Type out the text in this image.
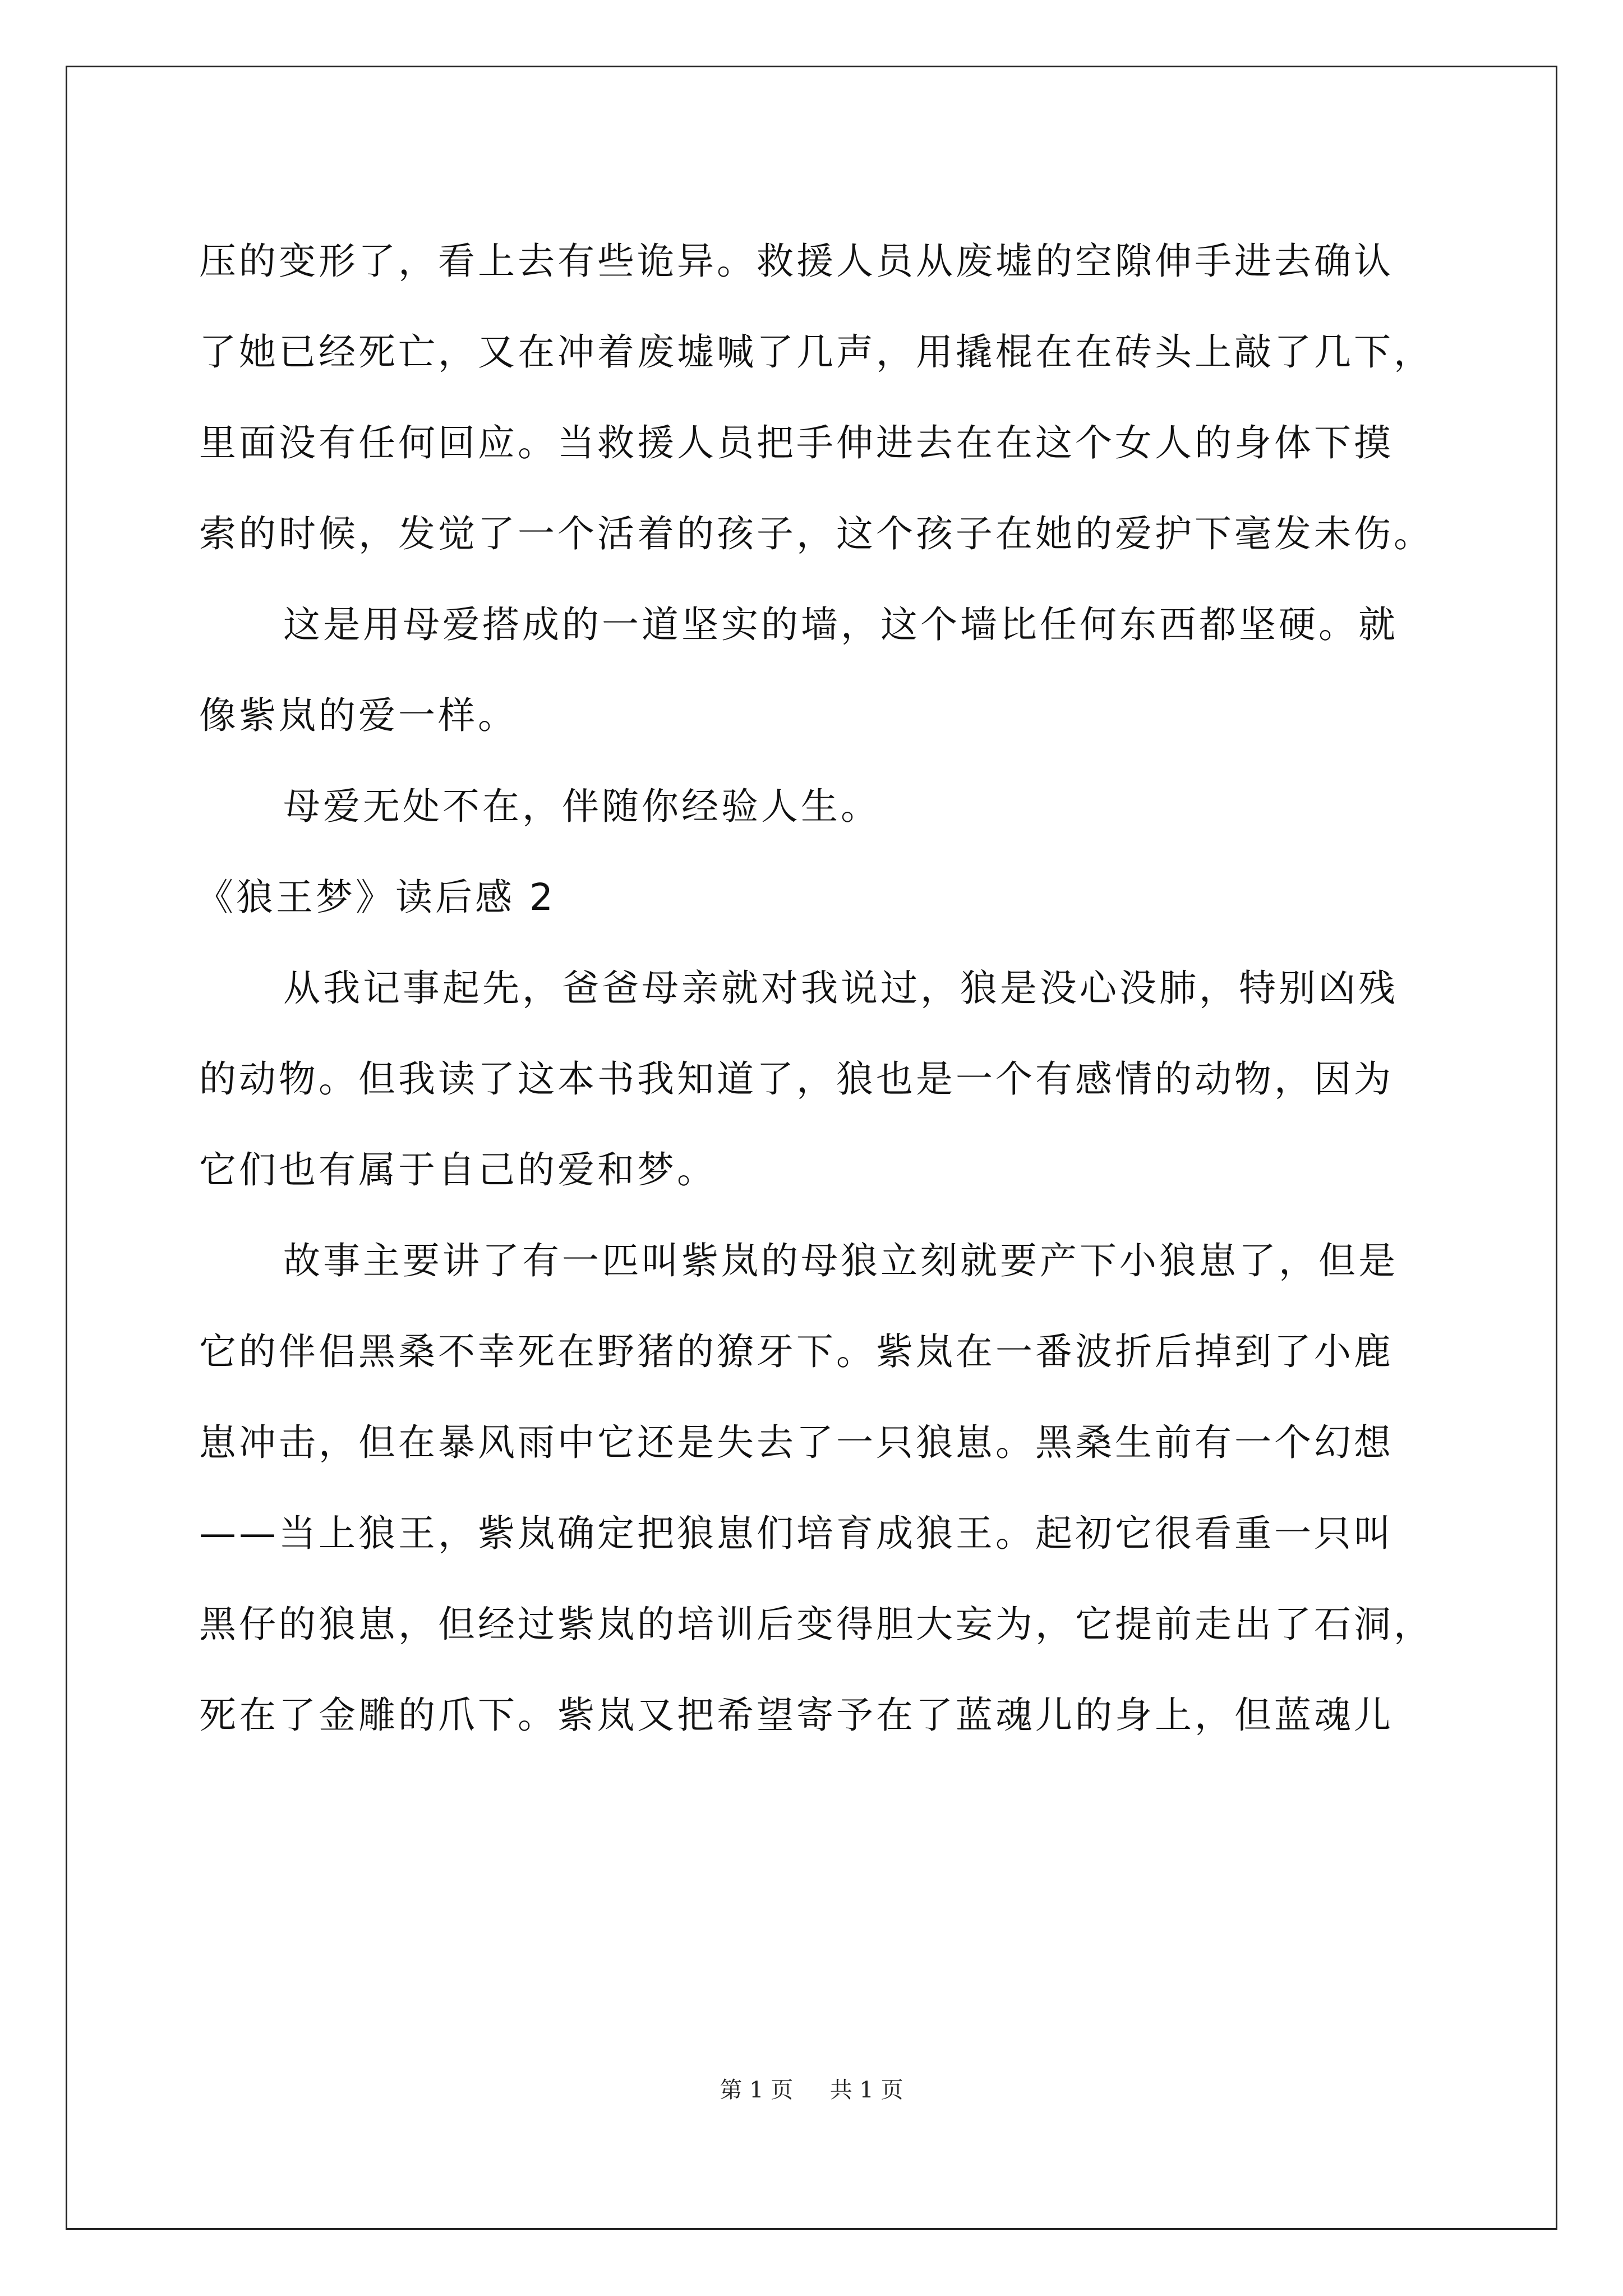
压的变形了，看上去有些诡异。救援人员从废墟的空隙伸手进去确认
了她已经死亡，又在冲着废墟喊了几声，用撬棍在在砖头上敲了几下，
里面没有任何回应。当救援人员把手伸进去在在这个女人的身体下摸
索的时候，发觉了一个活着的孩子，这个孩子在她的爱护下毫发未伤。
这是用母爱搭成的一道坚实的墙，这个墙比任何东西都坚硬。就
像紫岚的爱一样。
母爱无处不在，伴随你经验人生。
《狼王梦》读后感 2
从我记事起先，爸爸母亲就对我说过，狼是没心没肺，特别凶残
的动物。但我读了这本书我知道了，狼也是一个有感情的动物，因为
它们也有属于自己的爱和梦。
故事主要讲了有一匹叫紫岚的母狼立刻就要产下小狼崽了，但是
它的伴侣黑桑不幸死在野猪的獠牙下。紫岚在一番波折后掉到了小鹿
崽冲击，但在暴风雨中它还是失去了一只狼崽。黑桑生前有一个幻想
——当上狼王，紫岚确定把狼崽们培育成狼王。起初它很看重一只叫
黑仔的狼崽，但经过紫岚的培训后变得胆大妄为，它提前走出了石洞，
死在了金雕的爪下。紫岚又把希望寄予在了蓝魂儿的身上，但蓝魂儿
第 1 页 共 1 页
